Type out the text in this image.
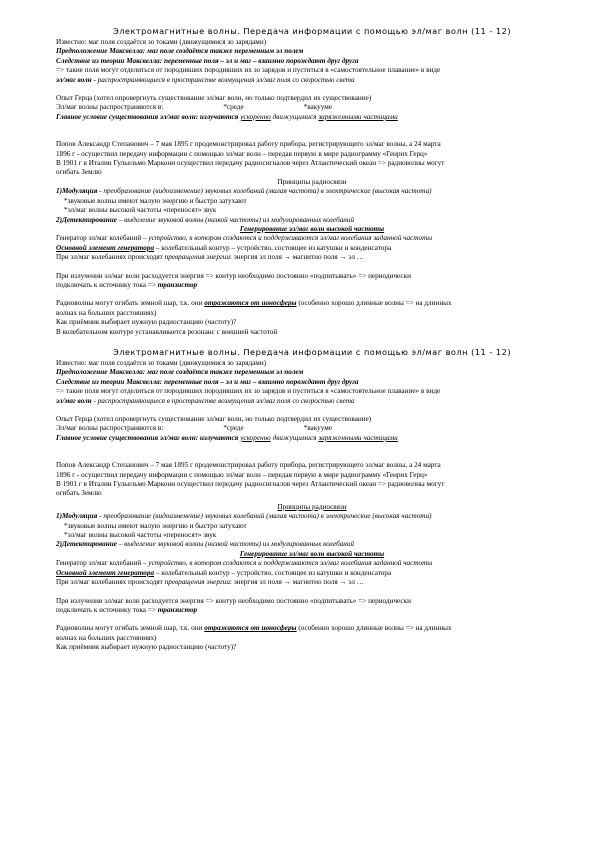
Электромагнитные волны. Передача информации с помощью эл/маг волн (11 - 12)

Известно: маг поля создаётся зо токами (движущимися зо зарядами)

Предположение Максвелла: маг поле создаётся также переменным эл полем

Следствие из теории Максвелла: переменные поля – эл и маг – взаимно порождают друг друга

=> такие поля могут отделиться от породивших породивших их зо зарядов и пуститься в «самостоятельное плавание» в виде

эл/маг волн - распространяющиеся в пространстве возмущения эл/маг поля со скоростью света

Опыт Герца (хотел опровергнуть существование эл/маг волн, но только подтвердил их существование)

Эл/маг волны распространяются в:	*среде	*вакууме

Главное условие существования эл/маг волн: излучаются ускоренно движущимися заряженными частицами

Попов Александр Степанович – 7 мая 1895 г продемонстрировал работу прибора, регистрирующего эл/маг волны, а 24 марта

1896 г - осуществил передачу информации с помощью эл/маг волн – передав первую в мире радиограмму «Генрих Герц»

В 1901 г в Италии Гульельмо Маркони осуществил передачу радиосигналов через Атлантический океан => радиоволны могут

огибать Землю

Принципы радиосвязи

1)Модуляция - преобразование (видоизменение) звуковых колебаний (малая частота) в электрические (высокая частота)

*звуковые волны имеют малую энергию и быстро затухают

*эл/маг волны высокой частоты «переносят» звук

2)Детектирование – выделение звуковой волны (низкой частоты) из модулированных колебаний

Генерирование эл/маг волн высокой частоты

Генератор эл/маг колебаний – устройство, в котором создаются и поддерживаются эл/маг колебания заданной частоты

Основной элемент генератора – колебательный контур – устройство, состоящее из катушки и конденсатора

При эл/маг колебаниях происходят превращения энергии: энергия эл поля → магнитно поля → эл …

При излучении эл/маг волн расходуется энергия => контур необходимо постоянно «подпитывать» => периодически

подключать к источнику тока => транзистор

Радиоволны могут огибать земной шар, т.к. они отражаются от ионосферы (особенно хорошо длинные волны => на длинных

волнах на больших расстояниях)

Как приёмник выбирает нужную радиостанцию (частоту)?

В колебательном контуре устанавливается резонанс с внешней частотой

Электромагнитные волны. Передача информации с помощью эл/маг волн (11 - 12)

Известно: маг поля создаётся зо токами (движущимися зо зарядами)

Предположение Максвелла: маг поле создаётся также переменным эл полем

Следствие из теории Максвелла: переменные поля – эл и маг – взаимно порождают друг друга

=> такие поля могут отделиться от породивших породивших их зо зарядов и пуститься в «самостоятельное плавание» в виде

эл/маг волн - распространяющиеся в пространстве возмущения эл/маг поля со скоростью света

Опыт Герца (хотел опровергнуть существование эл/маг волн, но только подтвердил их существование)

Эл/маг волны распространяются в:	*среде	*вакууме

Главное условие существования эл/маг волн: излучаются ускоренно движущимися заряженными частицами

Попов Александр Степанович – 7 мая 1895 г продемонстрировал работу прибора, регистрирующего эл/маг волны, а 24 марта

1896 г - осуществил передачу информации с помощью эл/маг волн – передав первую в мире радиограмму «Генрих Герц»

В 1901 г в Италии Гульельмо Маркони осуществил передачу радиосигналов через Атлантический океан => радиоволны могут

огибать Землю

Принципы радиосвязи

1)Модуляция - преобразование (видоизменение) звуковых колебаний (малая частота) в электрические (высокая частота)

*звуковые волны имеют малую энергию и быстро затухают

*эл/маг волны высокой частоты «переносят» звук

2)Детектирование – выделение звуковой волны (низкой частоты) из модулированных колебаний

Генерирование эл/маг волн высокой частоты

Генератор эл/маг колебаний – устройство, в котором создаются и поддерживаются эл/маг колебания заданной частоты

Основной элемент генератора – колебательный контур – устройство, состоящее из катушки и конденсатора

При эл/маг колебаниях происходят превращения энергии: энергия эл поля → магнитно поля → эл …

При излучении эл/маг волн расходуется энергия => контур необходимо постоянно «подпитывать» => периодически

подключать к источнику тока => транзистор

Радиоволны могут огибать земной шар, т.к. они отражаются от ионосферы (особенно хорошо длинные волны => на длинных

волнах на больших расстояниях)

Как приёмник выбирает нужную радиостанцию (частоту)?
